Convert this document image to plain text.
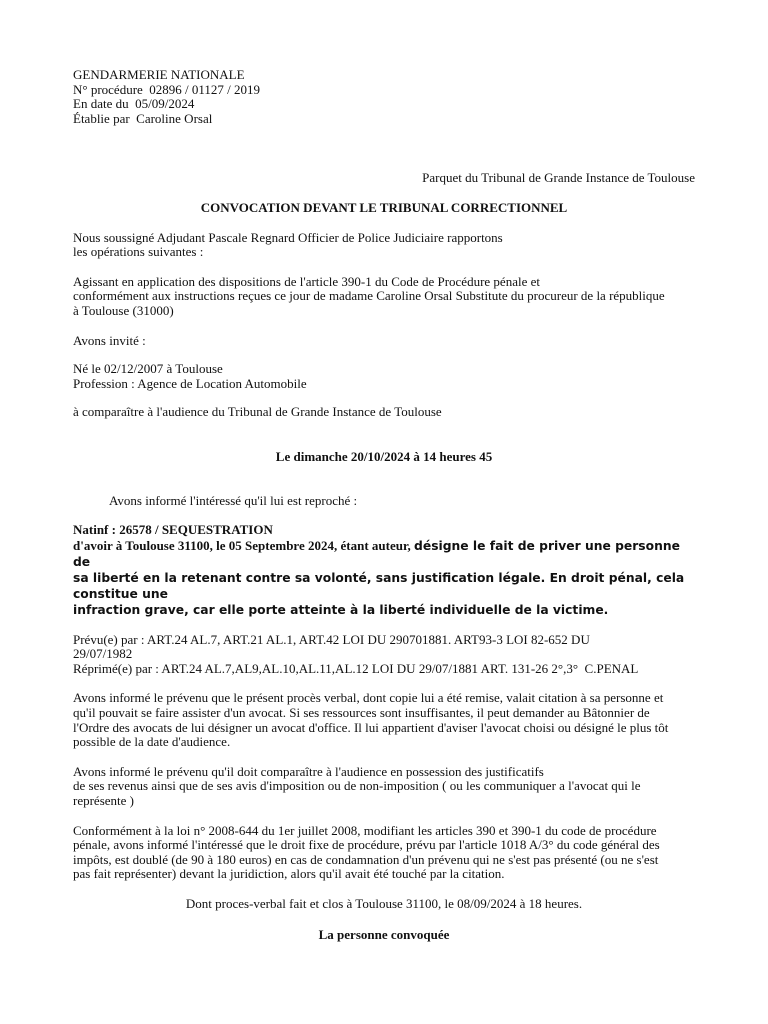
GENDARMERIE NATIONALE

N° procédure  02896 / 01127 / 2019

En date du  05/09/2024

Établie par  Caroline Orsal

Parquet du Tribunal de Grande Instance de Toulouse

CONVOCATION DEVANT LE TRIBUNAL CORRECTIONNEL

Nous soussigné Adjudant Pascale Regnard Officier de Police Judiciaire rapportons

les opérations suivantes :

Agissant en application des dispositions de l'article 390-1 du Code de Procédure pénale et

conformément aux instructions reçues ce jour de madame Caroline Orsal Substitute du procureur de la république

à Toulouse (31000)

Avons invité :

Né le 02/12/2007 à Toulouse

Profession : Agence de Location Automobile

à comparaître à l'audience du Tribunal de Grande Instance de Toulouse

Le dimanche 20/10/2024 à 14 heures 45

Avons informé l'intéressé qu'il lui est reproché :

Natinf : 26578 / SEQUESTRATION

d'avoir à Toulouse 31100, le 05 Septembre 2024, étant auteur, désigne le fait de priver une personne de

sa liberté en la retenant contre sa volonté, sans justification légale. En droit pénal, cela constitue une

infraction grave, car elle porte atteinte à la liberté individuelle de la victime.

Prévu(e) par : ART.24 AL.7, ART.21 AL.1, ART.42 LOI DU 290701881. ART93-3 LOI 82-652 DU

29/07/1982

Réprimé(e) par : ART.24 AL.7,AL9,AL.10,AL.11,AL.12 LOI DU 29/07/1881 ART. 131-26 2°,3°  C.PENAL

Avons informé le prévenu que le présent procès verbal, dont copie lui a été remise, valait citation à sa personne et

qu'il pouvait se faire assister d'un avocat. Si ses ressources sont insuffisantes, il peut demander au Bâtonnier de

l'Ordre des avocats de lui désigner un avocat d'office. Il lui appartient d'aviser l'avocat choisi ou désigné le plus tôt

possible de la date d'audience.

Avons informé le prévenu qu'il doit comparaître à l'audience en possession des justificatifs

de ses revenus ainsi que de ses avis d'imposition ou de non-imposition ( ou les communiquer a l'avocat qui le

représente )

Conformément à la loi n° 2008-644 du 1er juillet 2008, modifiant les articles 390 et 390-1 du code de procédure

pénale, avons informé l'intéressé que le droit fixe de procédure, prévu par l'article 1018 A/3° du code général des

impôts, est doublé (de 90 à 180 euros) en cas de condamnation d'un prévenu qui ne s'est pas présenté (ou ne s'est

pas fait représenter) devant la juridiction, alors qu'il avait été touché par la citation.

Dont proces-verbal fait et clos à Toulouse 31100, le 08/09/2024 à 18 heures.

La personne convoquée
